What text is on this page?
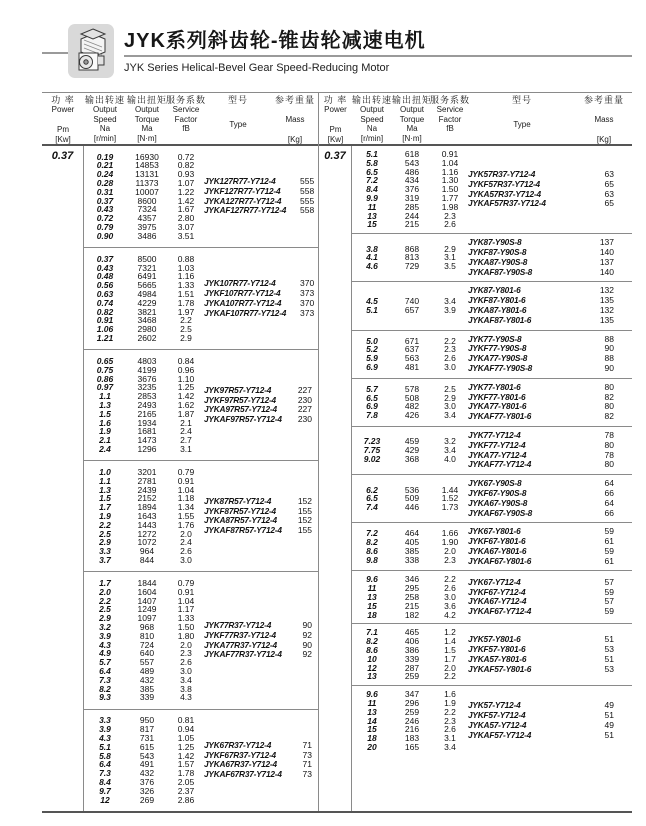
JYK系列斜齿轮-锥齿轮减速电机
JYK Series Helical-Bevel Gear Speed-Reducing Motor
功 率
Power
Pm
[Kw]
输出转速
Output
Speed
Na
[r/min]
输出扭矩
Output
Torque
Ma
[N·m]
服务系数
Service
Factor
fB
型号
Type
参考重量
Mass
[Kg]
0.37	0.19	16930	0.72
0.21	14853	0.82
0.24	13131	0.93
0.28	11373	1.07
0.31	10007	1.22
0.37	8600	1.42
0.43	7324	1.67
0.72	4357	2.80
0.79	3975	3.07
0.90	3486	3.51
JYK127R77-Y712-4	555
JYKF127R77-Y712-4	558
JYKA127R77-Y712-4	555
JYKAF127R77-Y712-4	558
0.37	8500	0.88
0.43	7321	1.03
0.48	6491	1.16
0.56	5665	1.33
0.63	4984	1.51
0.74	4229	1.78
0.82	3821	1.97
0.91	3468	2.2
1.06	2980	2.5
1.21	2602	2.9
JYK107R77-Y712-4	370
JYKF107R77-Y712-4	373
JYKA107R77-Y712-4	370
JYKAF107R77-Y712-4	373
0.65	4803	0.84
0.75	4199	0.96
0.86	3676	1.10
0.97	3235	1.25
1.1	2853	1.42
1.3	2493	1.62
1.5	2165	1.87
1.6	1934	2.1
1.9	1681	2.4
2.1	1473	2.7
2.4	1296	3.1
JYK97R57-Y712-4	227
JYKF97R57-Y712-4	230
JYKA97R57-Y712-4	227
JYKAF97R57-Y712-4	230
1.0	3201	0.79
1.1	2781	0.91
1.3	2439	1.04
1.5	2152	1.18
1.7	1894	1.34
1.9	1643	1.55
2.2	1443	1.76
2.5	1272	2.0
2.9	1072	2.4
3.3	964	2.6
3.7	844	3.0
JYK87R57-Y712-4	152
JYKF87R57-Y712-4	155
JYKA87R57-Y712-4	152
JYKAF87R57-Y712-4	155
1.7	1844	0.79
2.0	1604	0.91
2.2	1407	1.04
2.5	1249	1.17
2.9	1097	1.33
3.2	968	1.50
3.9	810	1.80
4.3	724	2.0
4.9	640	2.3
5.7	557	2.6
6.4	489	3.0
7.3	432	3.4
8.2	385	3.8
9.3	339	4.3
JYK77R37-Y712-4	90
JYKF77R37-Y712-4	92
JYKA77R37-Y712-4	90
JYKAF77R37-Y712-4	92
3.3	950	0.81
3.9	817	0.94
4.3	731	1.05
5.1	615	1.25
5.8	543	1.42
6.4	491	1.57
7.3	432	1.78
8.4	376	2.05
9.7	326	2.37
12	269	2.86
JYK67R37-Y712-4	71
JYKF67R37-Y712-4	73
JYKA67R37-Y712-4	71
JYKAF67R37-Y712-4	73
功 率
Power
Pm
[Kw]
输出转速
Output
Speed
Na
[r/min]
输出扭矩
Output
Torque
Ma
[N·m]
服务系数
Service
Factor
fB
型号
Type
参考重量
Mass
[Kg]
0.37	5.1	618	0.91
5.8	543	1.04
6.5	486	1.16
7.2	434	1.30
8.4	376	1.50
9.9	319	1.77
11	285	1.98
13	244	2.3
15	215	2.6
JYK57R37-Y712-4	63
JYKF57R37-Y712-4	65
JYKA57R37-Y712-4	63
JYKAF57R37-Y712-4	65
3.8	868	2.9
4.1	813	3.1
4.6	729	3.5
JYK87-Y90S-8	137
JYKF87-Y90S-8	140
JYKA87-Y90S-8	137
JYKAF87-Y90S-8	140
4.5	740	3.4
5.1	657	3.9
JYK87-Y801-6	132
JYKF87-Y801-6	135
JYKA87-Y801-6	132
JYKAF87-Y801-6	135
5.0	671	2.2
5.2	637	2.3
5.9	563	2.6
6.9	481	3.0
JYK77-Y90S-8	88
JYKF77-Y90S-8	90
JYKA77-Y90S-8	88
JYKAF77-Y90S-8	90
5.7	578	2.5
6.5	508	2.9
6.9	482	3.0
7.8	426	3.4
JYK77-Y801-6	80
JYKF77-Y801-6	82
JYKA77-Y801-6	80
JYKAF77-Y801-6	82
7.23	459	3.2
7.75	429	3.4
9.02	368	4.0
JYK77-Y712-4	78
JYKF77-Y712-4	80
JYKA77-Y712-4	78
JYKAF77-Y712-4	80
6.2	536	1.44
6.5	509	1.52
7.4	446	1.73
JYK67-Y90S-8	64
JYKF67-Y90S-8	66
JYKA67-Y90S-8	64
JYKAF67-Y90S-8	66
7.2	464	1.66
8.2	405	1.90
8.6	385	2.0
9.8	338	2.3
JYK67-Y801-6	59
JYKF67-Y801-6	61
JYKA67-Y801-6	59
JYKAF67-Y801-6	61
9.6	346	2.2
11	295	2.6
13	258	3.0
15	215	3.6
18	182	4.2
JYK67-Y712-4	57
JYKF67-Y712-4	59
JYKA67-Y712-4	57
JYKAF67-Y712-4	59
7.1	465	1.2
8.2	406	1.4
8.6	386	1.5
10	339	1.7
12	287	2.0
13	259	2.2
JYK57-Y801-6	51
JYKF57-Y801-6	53
JYKA57-Y801-6	51
JYKAF57-Y801-6	53
9.6	347	1.6
11	296	1.9
13	259	2.2
14	246	2.3
15	216	2.6
18	183	3.1
20	165	3.4
JYK57-Y712-4	49
JYKF57-Y712-4	51
JYKA57-Y712-4	49
JYKAF57-Y712-4	51
